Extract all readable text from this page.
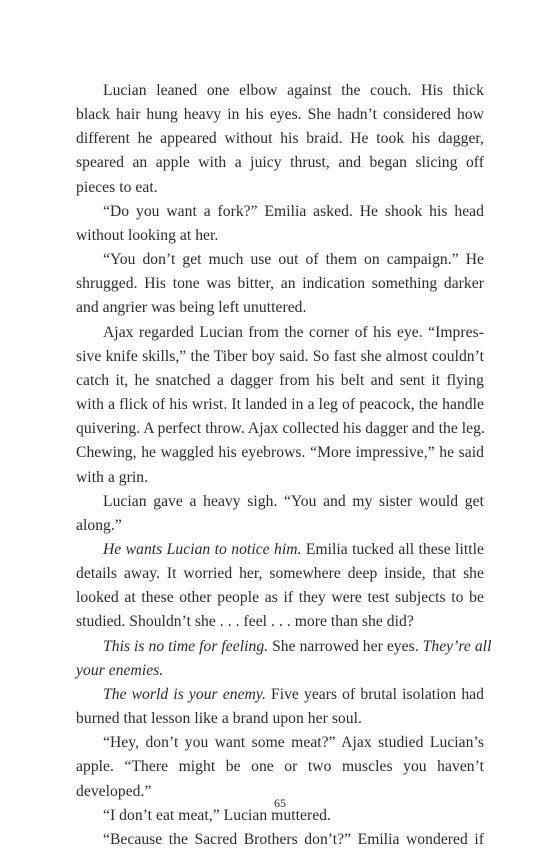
Lucian leaned one elbow against the couch. His thick
black hair hung heavy in his eyes. She hadn’t considered how
different he appeared without his braid. He took his dagger,
speared an apple with a juicy thrust, and began slicing off
pieces to eat.
“Do you want a fork?” Emilia asked. He shook his head
without looking at her.
“You don’t get much use out of them on campaign.” He
shrugged. His tone was bitter, an indication something darker
and angrier was being left unuttered.
Ajax regarded Lucian from the corner of his eye. “Impres-
sive knife skills,” the Tiber boy said. So fast she almost couldn’t
catch it, he snatched a dagger from his belt and sent it flying
with a flick of his wrist. It landed in a leg of peacock, the handle
quivering. A perfect throw. Ajax collected his dagger and the leg.
Chewing, he waggled his eyebrows. “More impressive,” he said
with a grin.
Lucian gave a heavy sigh. “You and my sister would get
along.”
He wants Lucian to notice him. Emilia tucked all these little
details away. It worried her, somewhere deep inside, that she
looked at these other people as if they were test subjects to be
studied. Shouldn’t she . . . feel . . . more than she did?
This is no time for feeling. She narrowed her eyes. They’re all
your enemies.
The world is your enemy. Five years of brutal isolation had
burned that lesson like a brand upon her soul.
“Hey, don’t you want some meat?” Ajax studied Lucian’s
apple. “There might be one or two muscles you haven’t
developed.”
“I don’t eat meat,” Lucian muttered.
“Because the Sacred Brothers don’t?” Emilia wondered if
65
